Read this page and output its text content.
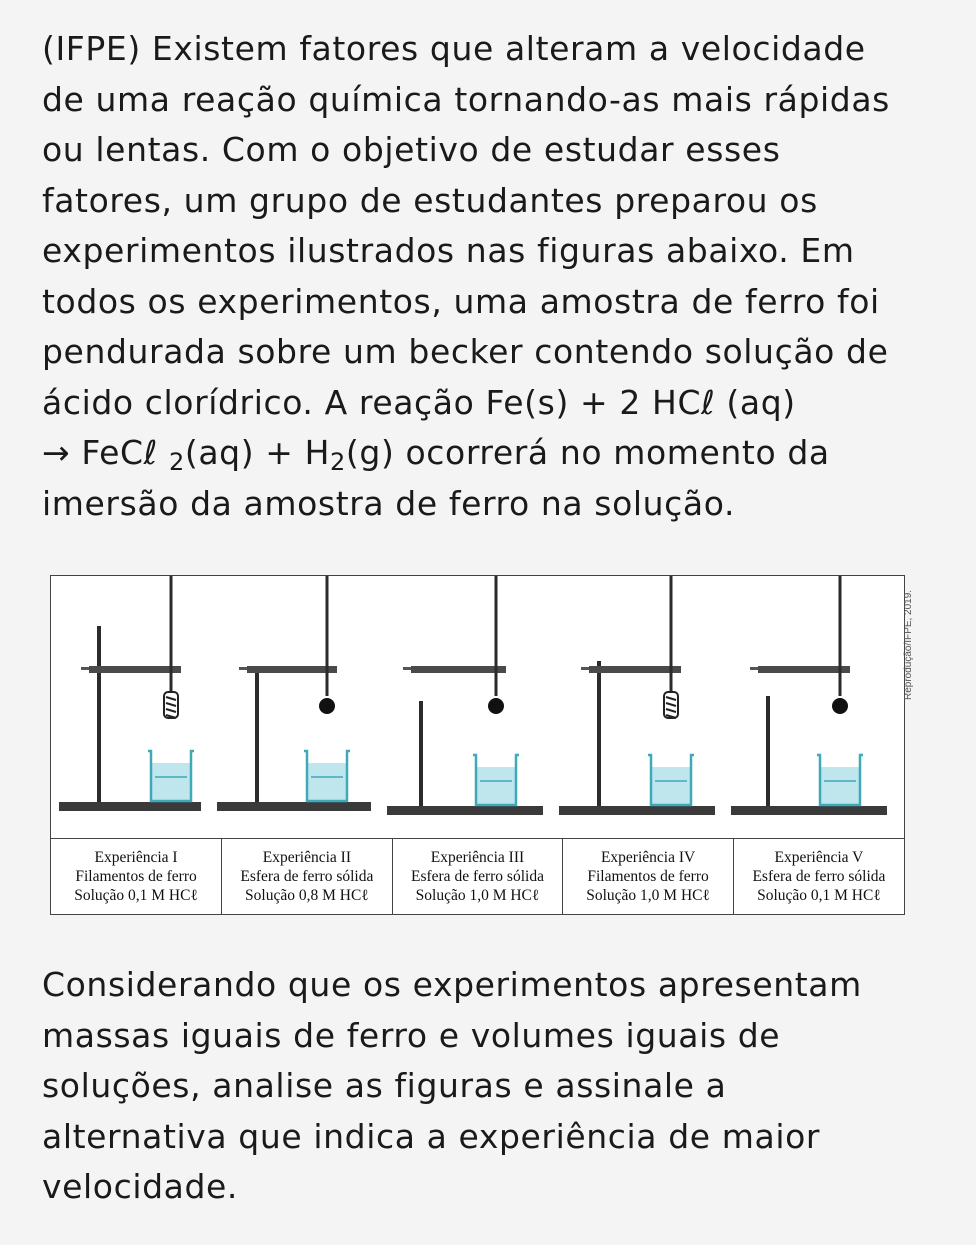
(IFPE) Existem fatores que alteram a velocidade
de uma reação química tornando-as mais rápidas
ou lentas. Com o objetivo de estudar esses
fatores, um grupo de estudantes preparou os
experimentos ilustrados nas figuras abaixo. Em
todos os experimentos, uma amostra de ferro foi
pendurada sobre um becker contendo solução de
ácido clorídrico. A reação Fe(s) + 2 HCℓ (aq)
→ FeCℓ $_2(aq) + H_2(g)$ ocorrerá no momento da
imersão da amostra de ferro na solução.
Experiência I
Filamentos de ferro
Solução 0,1 M HCℓ

Experiência II
Esfera de ferro sólida
Solução 0,8 M HCℓ

Experiência III
Esfera de ferro sólida
Solução 1,0 M HCℓ

Experiência IV
Filamentos de ferro
Solução 1,0 M HCℓ

Experiência V
Esfera de ferro sólida
Solução 0,1 M HCℓ
Reprodução/IFPE, 2019.
Considerando que os experimentos apresentam
massas iguais de ferro e volumes iguais de
soluções, analise as figuras e assinale a
alternativa que indica a experiência de maior
velocidade.
